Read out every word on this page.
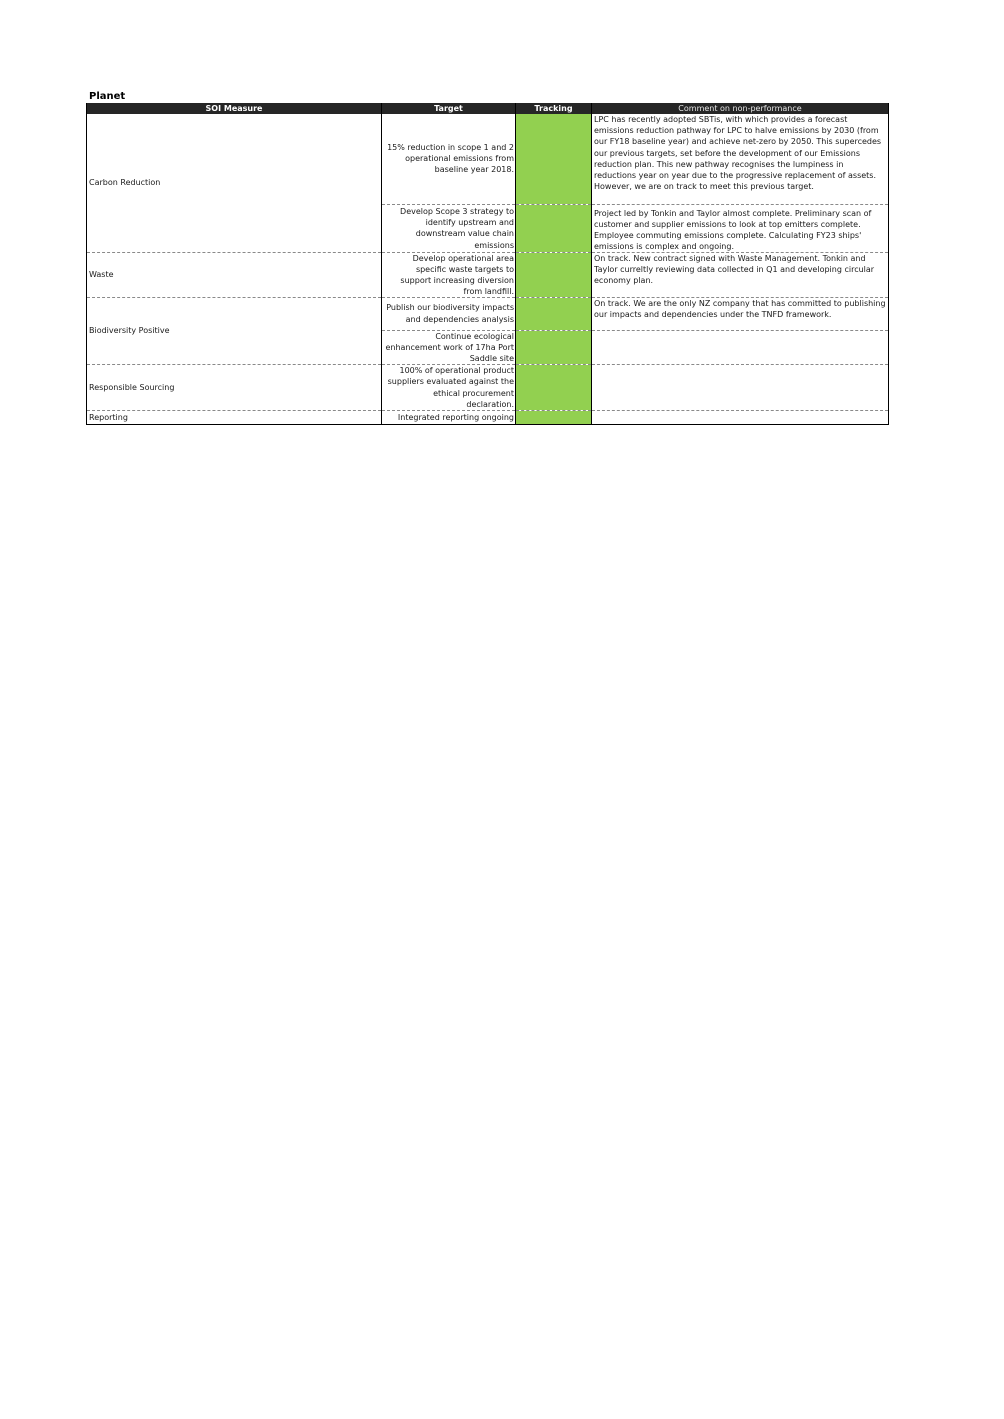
Planet
SOI Measure	Target	Tracking	Comment on non-performance
Carbon Reduction	15% reduction in scope 1 and 2 operational emissions from baseline year 2018.		LPC has recently adopted SBTis, with which provides a forecast emissions reduction pathway for LPC to halve emissions by 2030 (from our FY18 baseline year) and achieve net-zero by 2050. This supercedes our previous targets, set before the development of our Emissions reduction plan. This new pathway recognises the lumpiness in reductions year on year due to the progressive replacement of assets. However, we are on track to meet this previous target.

	Develop Scope 3 strategy to identify upstream and downstream value chain emissions		Project led by Tonkin and Taylor almost complete. Preliminary scan of customer and supplier emissions to look at top emitters complete. Employee commuting emissions complete. Calculating FY23 ships' emissions is complex and ongoing.

Waste	Develop operational area specific waste targets to support increasing diversion from landfill.		On track. New contract signed with Waste Management. Tonkin and Taylor curreltly reviewing data collected in Q1 and developing circular economy plan.
Biodiversity Positive	Publish our biodiversity impacts and dependencies analysis		On track. We are the only NZ company that has committed to publishing our impacts and dependencies under the TNFD framework.
	Continue ecological enhancement work of 17ha Port Saddle site		
Responsible Sourcing	100% of operational product suppliers evaluated against the ethical procurement declaration.		
Reporting	Integrated reporting ongoing		
